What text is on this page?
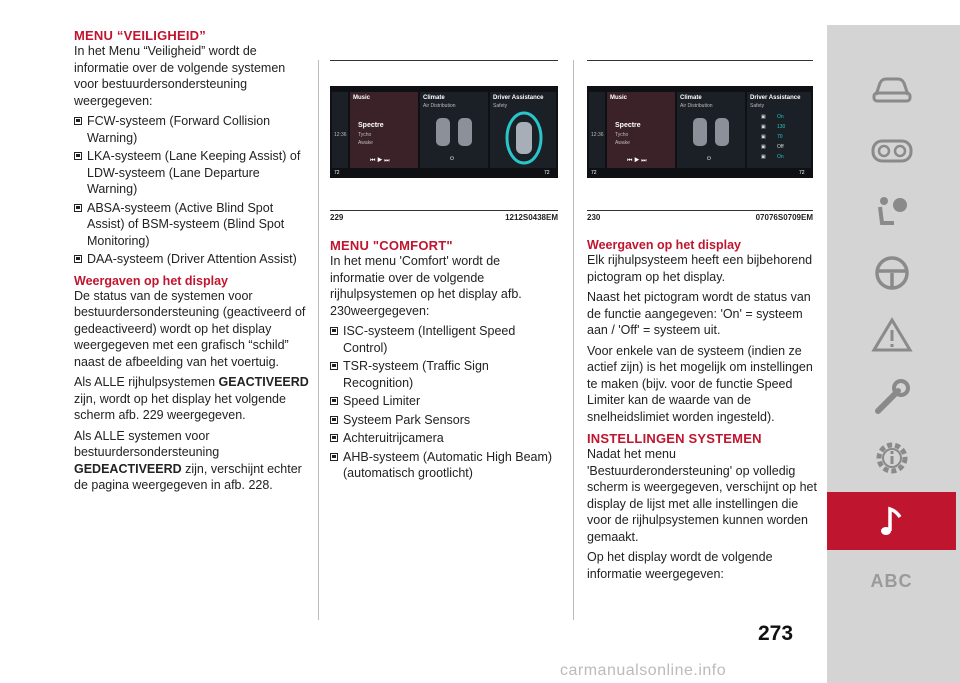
MENU “VEILIGHEID”

In het Menu “Veiligheid” wordt de informatie over de volgende systemen voor bestuurdersondersteuning weergegeven:

FCW-systeem (Forward Collision Warning)
LKA-systeem (Lane Keeping Assist) of LDW-systeem (Lane Departure Warning)
ABSA-systeem (Active Blind Spot Assist) of BSM-systeem (Blind Spot Monitoring)
DAA-systeem (Driver Attention Assist)
Weergaven op het display

De status van de systemen voor bestuurdersondersteuning (geactiveerd of gedeactiveerd) wordt op het display weergegeven met een grafisch “schild” naast de afbeelding van het voertuig.

Als ALLE rijhulpsystemen GEACTIVEERD zijn, wordt op het display het volgende scherm afb. 229 weergegeven.

Als ALLE systemen voor bestuurdersondersteuning GEDEACTIVEERD zijn, verschijnt echter de pagina weergegeven in afb. 228.

12:36
Music
Spectre
Tycho
Awake
⏮ ▶ ⏭
Climate
Air Distribution
⏻
Driver Assistance
Safety
72	72
229	1212S0438EM
MENU "COMFORT"

In het menu 'Comfort' wordt de informatie over de volgende rijhulpsystemen op het display afb. 230weergegeven:

ISC-systeem (Intelligent Speed Control)
TSR-systeem (Traffic Sign Recognition)
Speed Limiter
Systeem Park Sensors
Achteruitrijcamera
AHB-systeem (Automatic High Beam) (automatisch grootlicht)
12:36
Music
Spectre
Tycho
Awake
⏮ ▶ ⏭
Climate
Air Distribution
⏻
Driver Assistance
Safety
On
130
70
Off
On
▣
▣
▣
▣
▣
72	72
230	07076S0709EM
Weergaven op het display

Elk rijhulpsysteem heeft een bijbehorend pictogram op het display.

Naast het pictogram wordt de status van de functie aangegeven: 'On' = systeem aan / 'Off' = systeem uit.

Voor enkele van de systeem (indien ze actief zijn) is het mogelijk om instellingen te maken (bijv. voor de functie Speed Limiter kan de waarde van de snelheidslimiet worden ingesteld).

INSTELLINGEN SYSTEMEN

Nadat het menu 'Bestuurderondersteuning' op volledig scherm is weergegeven, verschijnt op het display de lijst met alle instellingen die voor de rijhulpsystemen kunnen worden gemaakt.

Op het display wordt de volgende informatie weergegeven:

273
ABC
carmanualsonline.info
